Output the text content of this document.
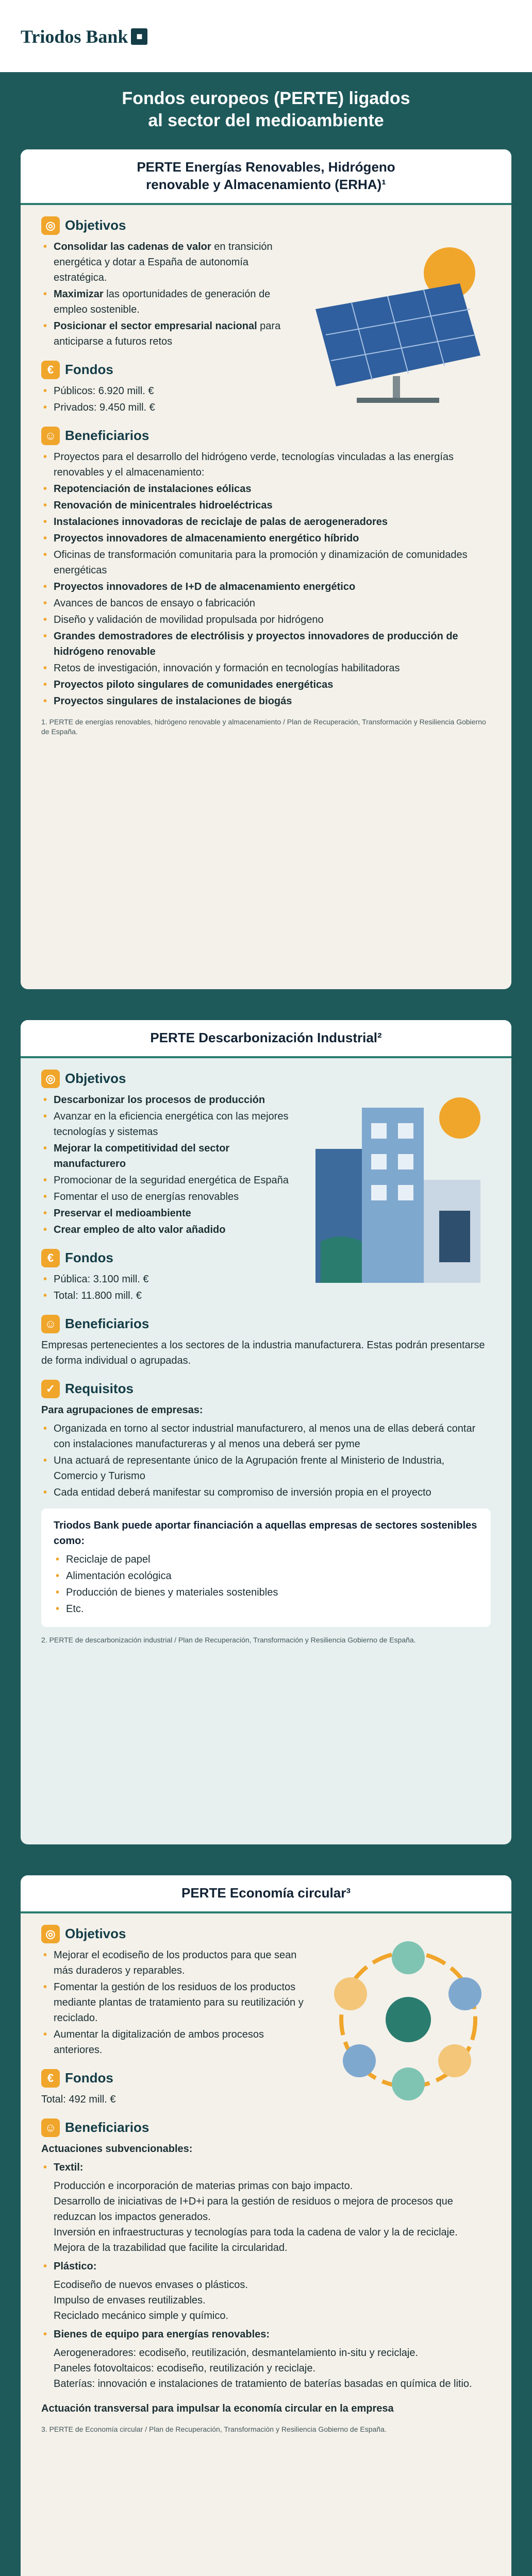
Triodos Bank ■
Fondos europeos (PERTE) ligados
al sector del medioambiente
PERTE Energías Renovables, Hidrógeno
renovable y Almacenamiento (ERHA)¹
◎ Objetivos
• Consolidar las cadenas de valor en transición energética y dotar a España de autonomía estratégica.
• Maximizar las oportunidades de generación de empleo sostenible.
• Posicionar el sector empresarial nacional para anticiparse a futuros retos
€ Fondos
• Públicos: 6.920 mill. €
• Privados: 9.450 mill. €
☺ Beneficiarios
• Proyectos para el desarrollo del hidrógeno verde, tecnologías vinculadas a las energías renovables y el almacenamiento:
• Repotenciación de instalaciones eólicas
• Renovación de minicentrales hidroeléctricas
• Instalaciones innovadoras de reciclaje de palas de aerogeneradores
• Proyectos innovadores de almacenamiento energético híbrido
• Oficinas de transformación comunitaria para la promoción y dinamización de comunidades energéticas
• Proyectos innovadores de I+D de almacenamiento energético
• Avances de bancos de ensayo o fabricación
• Diseño y validación de movilidad propulsada por hidrógeno
• Grandes demostradores de electrólisis y proyectos innovadores de producción de hidrógeno renovable
• Retos de investigación, innovación y formación en tecnologías habilitadoras
• Proyectos piloto singulares de comunidades energéticas
• Proyectos singulares de instalaciones de biogás
1. PERTE de energías renovables, hidrógeno renovable y almacenamiento / Plan de Recuperación, Transformación y Resiliencia Gobierno de España.
PERTE Descarbonización Industrial²
◎ Objetivos
• Descarbonizar los procesos de producción
• Avanzar en la eficiencia energética con las mejores tecnologías y sistemas
• Mejorar la competitividad del sector manufacturero
• Promocionar de la seguridad energética de España
• Fomentar el uso de energías renovables
• Preservar el medioambiente
• Crear empleo de alto valor añadido
€ Fondos
• Pública: 3.100 mill. €
• Total: 11.800 mill. €
☺ Beneficiarios
Empresas pertenecientes a los sectores de la industria manufacturera. Estas podrán presentarse de forma individual o agrupadas.
✓ Requisitos
Para agrupaciones de empresas:
• Organizada en torno al sector industrial manufacturero, al menos una de ellas deberá contar con instalaciones manufactureras y al menos una deberá ser pyme
• Una actuará de representante único de la Agrupación frente al Ministerio de Industria, Comercio y Turismo
• Cada entidad deberá manifestar su compromiso de inversión propia en el proyecto
Triodos Bank puede aportar financiación a aquellas empresas de sectores sostenibles como:
• Reciclaje de papel
• Alimentación ecológica
• Producción de bienes y materiales sostenibles
• Etc.
2. PERTE de descarbonización industrial / Plan de Recuperación, Transformación y Resiliencia Gobierno de España.
PERTE Economía circular³
◎ Objetivos
• Mejorar el ecodiseño de los productos para que sean más duraderos y reparables.
• Fomentar la gestión de los residuos de los productos mediante plantas de tratamiento para su reutilización y reciclado.
• Aumentar la digitalización de ambos procesos anteriores.
€ Fondos
Total: 492 mill. €
☺ Beneficiarios
Actuaciones subvencionables:
• Textil:
Producción e incorporación de materias primas con bajo impacto.
Desarrollo de iniciativas de I+D+i para la gestión de residuos o mejora de procesos que reduzcan los impactos generados.
Inversión en infraestructuras y tecnologías para toda la cadena de valor y la de reciclaje.
Mejora de la trazabilidad que facilite la circularidad.
• Plástico:
Ecodiseño de nuevos envases o plásticos.
Impulso de envases reutilizables.
Reciclado mecánico simple y químico.
• Bienes de equipo para energías renovables:
Aerogeneradores: ecodiseño, reutilización, desmantelamiento in-situ y reciclaje.
Paneles fotovoltaicos: ecodiseño, reutilización y reciclaje.
Baterías: innovación e instalaciones de tratamiento de baterías basadas en química de litio.
Actuación transversal para impulsar la economía circular en la empresa
3. PERTE de Economía circular / Plan de Recuperación, Transformación y Resiliencia Gobierno de España.
